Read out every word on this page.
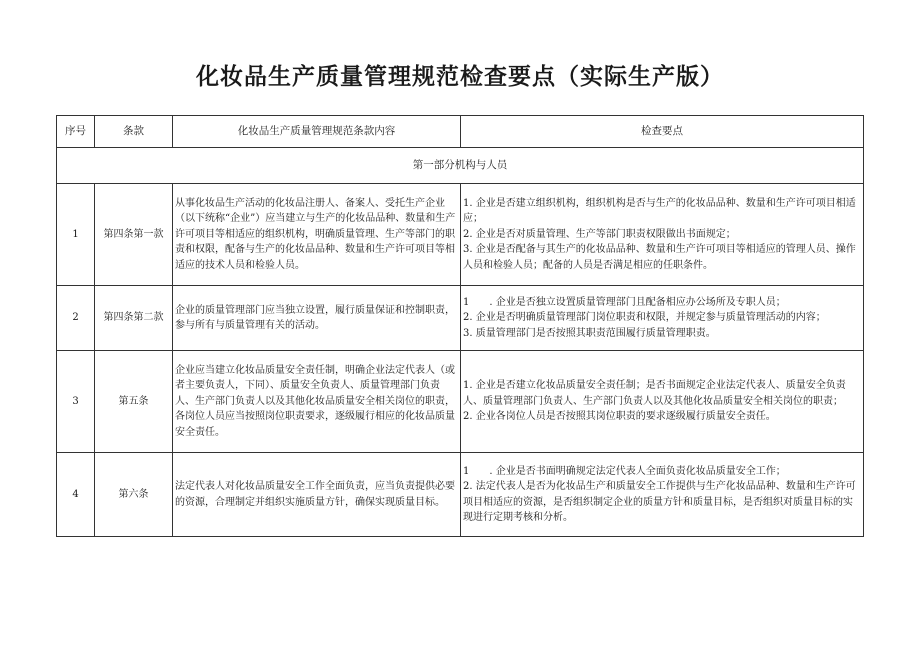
化妆品生产质量管理规范检查要点（实际生产版）
序号	条款	化妆品生产质量管理规范条款内容	检查要点
第一部分机构与人员			
1	第四条第一款	从事化妆品生产活动的化妆品注册人、备案人、受托生产企业（以下统称“企业”）应当建立与生产的化妆品品种、数量和生产许可项目等相适应的组织机构，明确质量管理、生产等部门的职责和权限，配备与生产的化妆品品种、数量和生产许可项目等相适应的技术人员和检验人员。	1. 企业是否建立组织机构，组织机构是否与生产的化妆品品种、数量和生产许可项目相适应；
2. 企业是否对质量管理、生产等部门职责权限做出书面规定；
3. 企业是否配备与其生产的化妆品品种、数量和生产许可项目等相适应的管理人员、操作人员和检验人员；配备的人员是否满足相应的任职条件。

2	第四条第二款	企业的质量管理部门应当独立设置，履行质量保证和控制职责，参与所有与质量管理有关的活动。	1　　. 企业是否独立设置质量管理部门且配备相应办公场所及专职人员；
2. 企业是否明确质量管理部门岗位职责和权限，并规定参与质量管理活动的内容；
3. 质量管理部门是否按照其职责范围履行质量管理职责。

3	第五条	企业应当建立化妆品质量安全责任制，明确企业法定代表人（或者主要负责人，下同）、质量安全负责人、质量管理部门负责人、生产部门负责人以及其他化妆品质量安全相关岗位的职责，各岗位人员应当按照岗位职责要求，逐级履行相应的化妆品质量安全责任。	1. 企业是否建立化妆品质量安全责任制；是否书面规定企业法定代表人、质量安全负责人、质量管理部门负责人、生产部门负责人以及其他化妆品质量安全相关岗位的职责；
2. 企业各岗位人员是否按照其岗位职责的要求逐级履行质量安全责任。

4	第六条	法定代表人对化妆品质量安全工作全面负责，应当负责提供必要的资源，合理制定并组织实施质量方针，确保实现质量目标。	1　　. 企业是否书面明确规定法定代表人全面负责化妆品质量安全工作；
2. 法定代表人是否为化妆品生产和质量安全工作提供与生产化妆品品种、数量和生产许可项目相适应的资源，是否组织制定企业的质量方针和质量目标，是否组织对质量目标的实现进行定期考核和分析。
